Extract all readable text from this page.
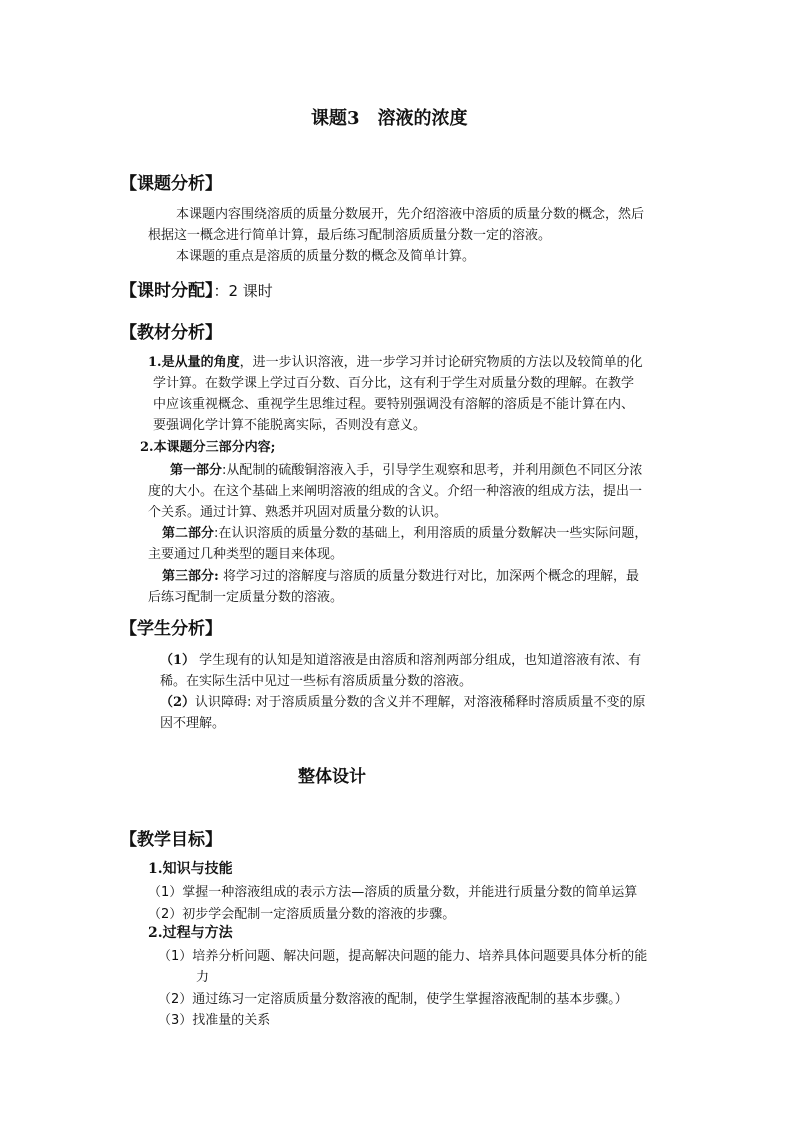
课题3　溶液的浓度
【课题分析】
本课题内容围绕溶质的质量分数展开，先介绍溶液中溶质的质量分数的概念，然后
根据这一概念进行简单计算，最后练习配制溶质质量分数一定的溶液。
本课题的重点是溶质的质量分数的概念及简单计算。
【课时分配】：2 课时
【教材分析】
1.是从量的角度，进一步认识溶液，进一步学习并讨论研究物质的方法以及较简单的化
学计算。在数学课上学过百分数、百分比，这有利于学生对质量分数的理解。在教学
中应该重视概念、重视学生思维过程。要特别强调没有溶解的溶质是不能计算在内、
要强调化学计算不能脱离实际，否则没有意义。
2.本课题分三部分内容;
第一部分:从配制的硫酸铜溶液入手，引导学生观察和思考，并利用颜色不同区分浓
度的大小。在这个基础上来阐明溶液的组成的含义。介绍一种溶液的组成方法，提出一
个关系。通过计算、熟悉并巩固对质量分数的认识。
第二部分:在认识溶质的质量分数的基础上，利用溶质的质量分数解决一些实际问题，
主要通过几种类型的题目来体现。
第三部分: 将学习过的溶解度与溶质的质量分数进行对比，加深两个概念的理解，最
后练习配制一定质量分数的溶液。
【学生分析】
（1） 学生现有的认知是知道溶液是由溶质和溶剂两部分组成，也知道溶液有浓、有
稀。在实际生活中见过一些标有溶质质量分数的溶液。
（2）认识障碍: 对于溶质质量分数的含义并不理解，对溶液稀释时溶质质量不变的原
因不理解。
整体设计
【教学目标】
1.知识与技能
（1）掌握一种溶液组成的表示方法—溶质的质量分数，并能进行质量分数的简单运算
（2）初步学会配制一定溶质质量分数的溶液的步骤。
2.过程与方法
（1）培养分析问题、解决问题，提高解决问题的能力、培养具体问题要具体分析的能
力
（2）通过练习一定溶质质量分数溶液的配制，使学生掌握溶液配制的基本步骤。）
（3）找准量的关系
